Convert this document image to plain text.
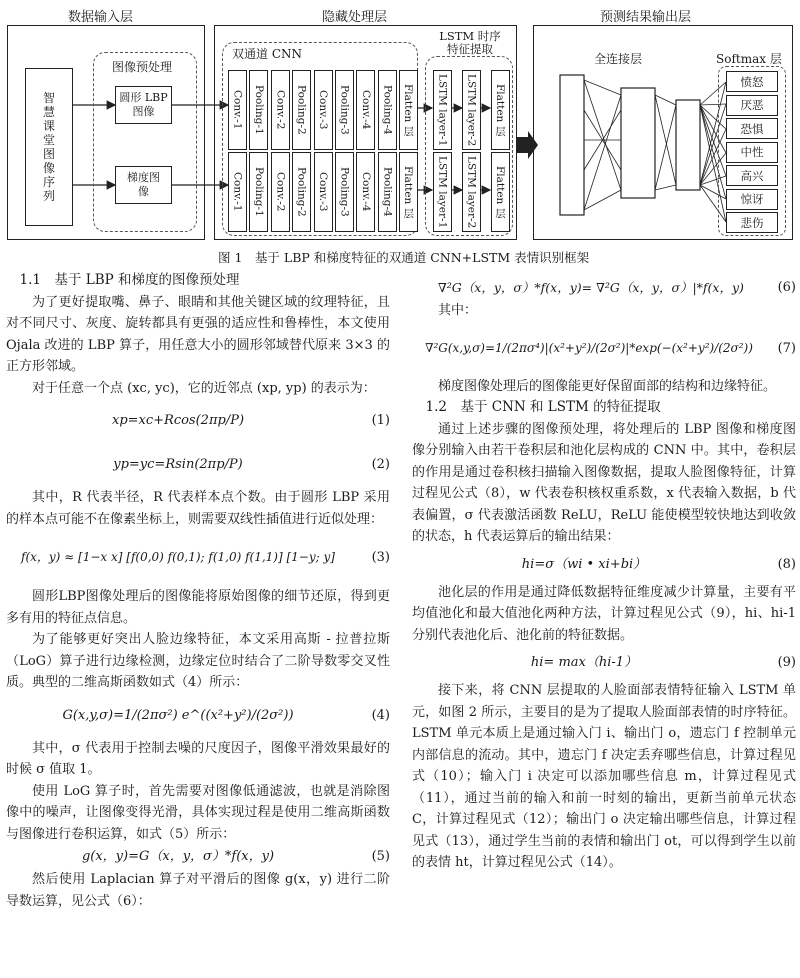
数据输入层	隐藏处理层	预测结果输出层
智慧课堂图像序列
图像预处理
圆形 LBP 图像
梯度图像
双通道 CNN
Conv.-1 Pooling-1 Conv.-2 Pooling-2 Conv.-3 Pooling-3 Conv.-4 Pooling-4 Flatten 层
Conv.-1 Pooling-1 Conv.-2 Pooling-2 Conv.-3 Pooling-3 Conv.-4 Pooling-4 Flatten 层
LSTM 时序特征提取
LSTM layer-1	LSTM layer-2	Flatten 层
LSTM layer-1	LSTM layer-2	Flatten 层
全连接层	Softmax 层
愤怒
厌恶
恐惧
中性
高兴
惊讶
悲伤
图 1　基于 LBP 和梯度特征的双通道 CNN+LSTM 表情识别框架

1.1　基于 LBP 和梯度的图像预处理

为了更好提取嘴、鼻子、眼睛和其他关键区域的纹理特征，且对不同尺寸、灰度、旋转都具有更强的适应性和鲁棒性，本文使用 Ojala 改进的 LBP 算子，用任意大小的圆形邻域替代原来 3×3 的正方形邻域。

对于任意一个点 (xc, yc)，它的近邻点 (xp, yp) 的表示为：

xp=xc+Rcos(2πp/P)	(1)
yp=yc=Rsin(2πp/P)	(2)

其中，R 代表半径，R 代表样本点个数。由于圆形 LBP 采用的样本点可能不在像素坐标上，则需要双线性插值进行近似处理：

f(x，y) ≈ [1−x x] [f(0,0) f(0,1); f(1,0) f(1,1)] [1−y; y]	(3)

圆形LBP图像处理后的图像能将原始图像的细节还原，得到更多有用的特征点信息。

为了能够更好突出人脸边缘特征，本文采用高斯 - 拉普拉斯（LoG）算子进行边缘检测，边缘定位时结合了二阶导数零交叉性质。典型的二维高斯函数如式（4）所示：

G(x,y,σ)=1/(2πσ²) e^((x²+y²)/(2σ²))	(4)

其中，σ 代表用于控制去噪的尺度因子，图像平滑效果最好的时候 σ 值取 1。

使用 LoG 算子时，首先需要对图像低通滤波，也就是消除图像中的噪声，让图像变得光滑，具体实现过程是使用二维高斯函数与图像进行卷积运算，如式（5）所示：

g(x，y)=G（x，y，σ）*f(x，y)	(5)

然后使用 Laplacian 算子对平滑后的图像 g(x，y) 进行二阶导数运算，见公式（6）：

∇²G（x，y，σ）*f(x，y)= ∇²G（x，y，σ）|*f(x，y)	(6)

其中：

∇²G(x,y,σ)=1/(2πσ⁴)|(x²+y²)/(2σ²)|*exp(−(x²+y²)/(2σ²))	(7)

梯度图像处理后的图像能更好保留面部的结构和边缘特征。

1.2　基于 CNN 和 LSTM 的特征提取

通过上述步骤的图像预处理，将处理后的 LBP 图像和梯度图像分别输入由若干卷积层和池化层构成的 CNN 中。其中，卷积层的作用是通过卷积核扫描输入图像数据，提取人脸图像特征，计算过程见公式（8），w 代表卷积核权重系数，x 代表输入数据，b 代表偏置，σ 代表激活函数 ReLU，ReLU 能使模型较快地达到收敛的状态，h 代表运算后的输出结果：

hi=σ（wi • xi+bi）	(8)

池化层的作用是通过降低数据特征维度减少计算量，主要有平均值池化和最大值池化两种方法，计算过程见公式（9），hi、hi-1 分别代表池化后、池化前的特征数据。

hi= max（hi-1）	(9)

接下来，将 CNN 层提取的人脸面部表情特征输入 LSTM 单元，如图 2 所示，主要目的是为了提取人脸面部表情的时序特征。LSTM 单元本质上是通过输入门 i、输出门 o，遗忘门 f 控制单元内部信息的流动。其中，遗忘门 f 决定丢弃哪些信息，计算过程见式（10）；输入门 i 决定可以添加哪些信息 m，计算过程见式（11），通过当前的输入和前一时刻的输出，更新当前单元状态 C，计算过程见式（12）；输出门 o 决定输出哪些信息，计算过程见式（13），通过学生当前的表情和输出门 ot，可以得到学生以前的表情 ht，计算过程见公式（14）。
